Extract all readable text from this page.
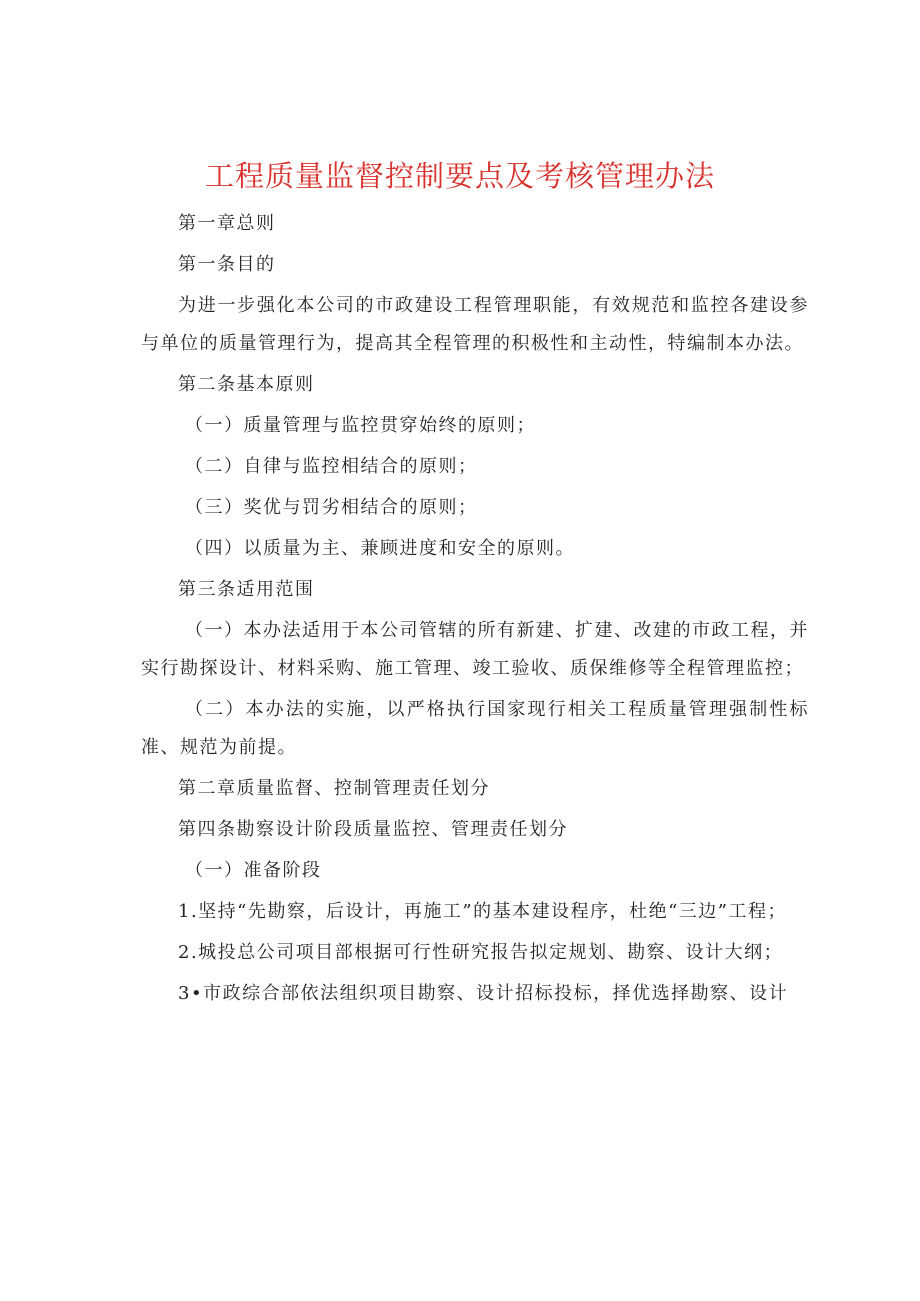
工程质量监督控制要点及考核管理办法

第一章总则

第一条目的

为进一步强化本公司的市政建设工程管理职能，有效规范和监控各建设参与单位的质量管理行为，提高其全程管理的积极性和主动性，特编制本办法。

第二条基本原则

（一）质量管理与监控贯穿始终的原则；

（二）自律与监控相结合的原则；

（三）奖优与罚劣相结合的原则；

（四）以质量为主、兼顾进度和安全的原则。

第三条适用范围

（一）本办法适用于本公司管辖的所有新建、扩建、改建的市政工程，并实行勘探设计、材料采购、施工管理、竣工验收、质保维修等全程管理监控；

（二）本办法的实施，以严格执行国家现行相关工程质量管理强制性标准、规范为前提。

第二章质量监督、控制管理责任划分

第四条勘察设计阶段质量监控、管理责任划分

（一）准备阶段

1.坚持“先勘察，后设计，再施工”的基本建设程序，杜绝“三边”工程；

2.城投总公司项目部根据可行性研究报告拟定规划、勘察、设计大纲；

3•市政综合部依法组织项目勘察、设计招标投标，择优选择勘察、设计
